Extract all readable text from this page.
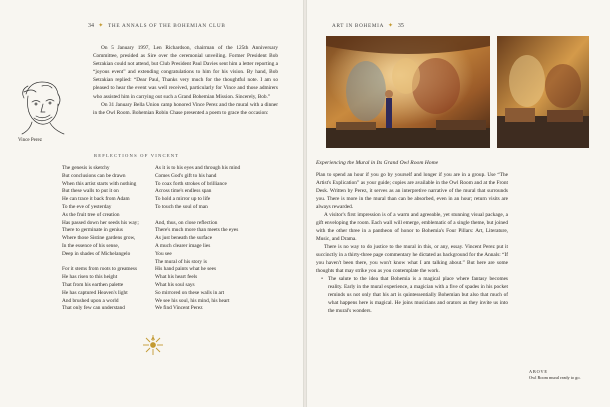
34  ✦  THE ANNALS OF THE BOHEMIAN CLUB

On 5 January 1997, Len Richardson, chairman of the 125th Anniversary Committee, presided as Sire over the ceremonial unveiling. Former President Bob Setrakian could not attend, but Club President Paul Davies sent him a letter reporting a “joyous event” and extending congratulations to him for his vision. By hand, Bob Setrakian replied: “Dear Paul, Thanks very much for the thoughtful note. I am so pleased to hear the event was well received, particularly for Vince and those admirers who assisted him in carrying out such a Grand Bohemian Mission. Sincerely, Bob.”

On 31 January Bella Union camp honored Vince Perez and the mural with a dinner in the Owl Room. Bohemian Robin Chase presented a poem to grace the occasion:

Vince Perez
REFLECTIONS OF VINCENT
The genesis is sketchy
But conclusions can be drawn
When this artist starts with nothing
But these walls to put it on
He can trace it back from Adam
To the eve of yesterday
As the fruit tree of creation
Has passed down her seeds his way;
There to germinate in genius
Where those Sistine gardens grow,
In the essence of his sense,
Deep in shades of Michelangelo
For it stems from roots to greatness
He has risen to this height
That from his earthen palette
He has captured Heaven's light
And brushed upon a world
That only few can understand
As it is to his eyes and through his mind
Comes God's gift to his hand
To coax forth strokes of brilliance
Across time's endless span
To hold a mirror up to life
To touch the soul of man
And, thus, on close reflection
There's much more than meets the eyes
As just beneath the surface
A much clearer image lies
You see
The mural of his story is
His hand paints what he sees
What his heart feels
What his soul says
So mirrored on these walls in art
We see his soul, his mind, his heart
We find Vincent Perez
ART IN BOHEMIA  ✦  35
Experiencing the Mural in Its Grand Owl Room Home

Plan to spend an hour if you go by yourself and longer if you are in a group. Use “The Artist's Explication” as your guide; copies are available in the Owl Room and at the Front Desk. Written by Perez, it serves as an interpretive narrative of the mural that surrounds you. There is more in the mural than can be absorbed, even in an hour; return visits are always rewarded.

A visitor's first impression is of a warm and agreeable, yet stunning visual package, a gift enveloping the room. Each wall will emerge, emblematic of a single theme, but joined with the other three in a pantheon of honor to Bohemia's Four Pillars: Art, Literature, Music, and Drama.

There is no way to do justice to the mural in this, or any, essay. Vincent Perez put it succinctly in a thirty-three page commentary he dictated as background for the Annals: “If you haven't been there, you won't know what I am talking about.” But here are some thoughts that may strike you as you contemplate the work.

• The salute to the idea that Bohemia is a magical place where fantasy becomes reality. Early in the mural experience, a magician with a five of spades in his pocket reminds us not only that his art is quintessentially Bohemian but also that much of what happens here is magical. He joins musicians and orators as they invite us into the mural's wonders.
ABOVE
Owl Room mural ready to go.
